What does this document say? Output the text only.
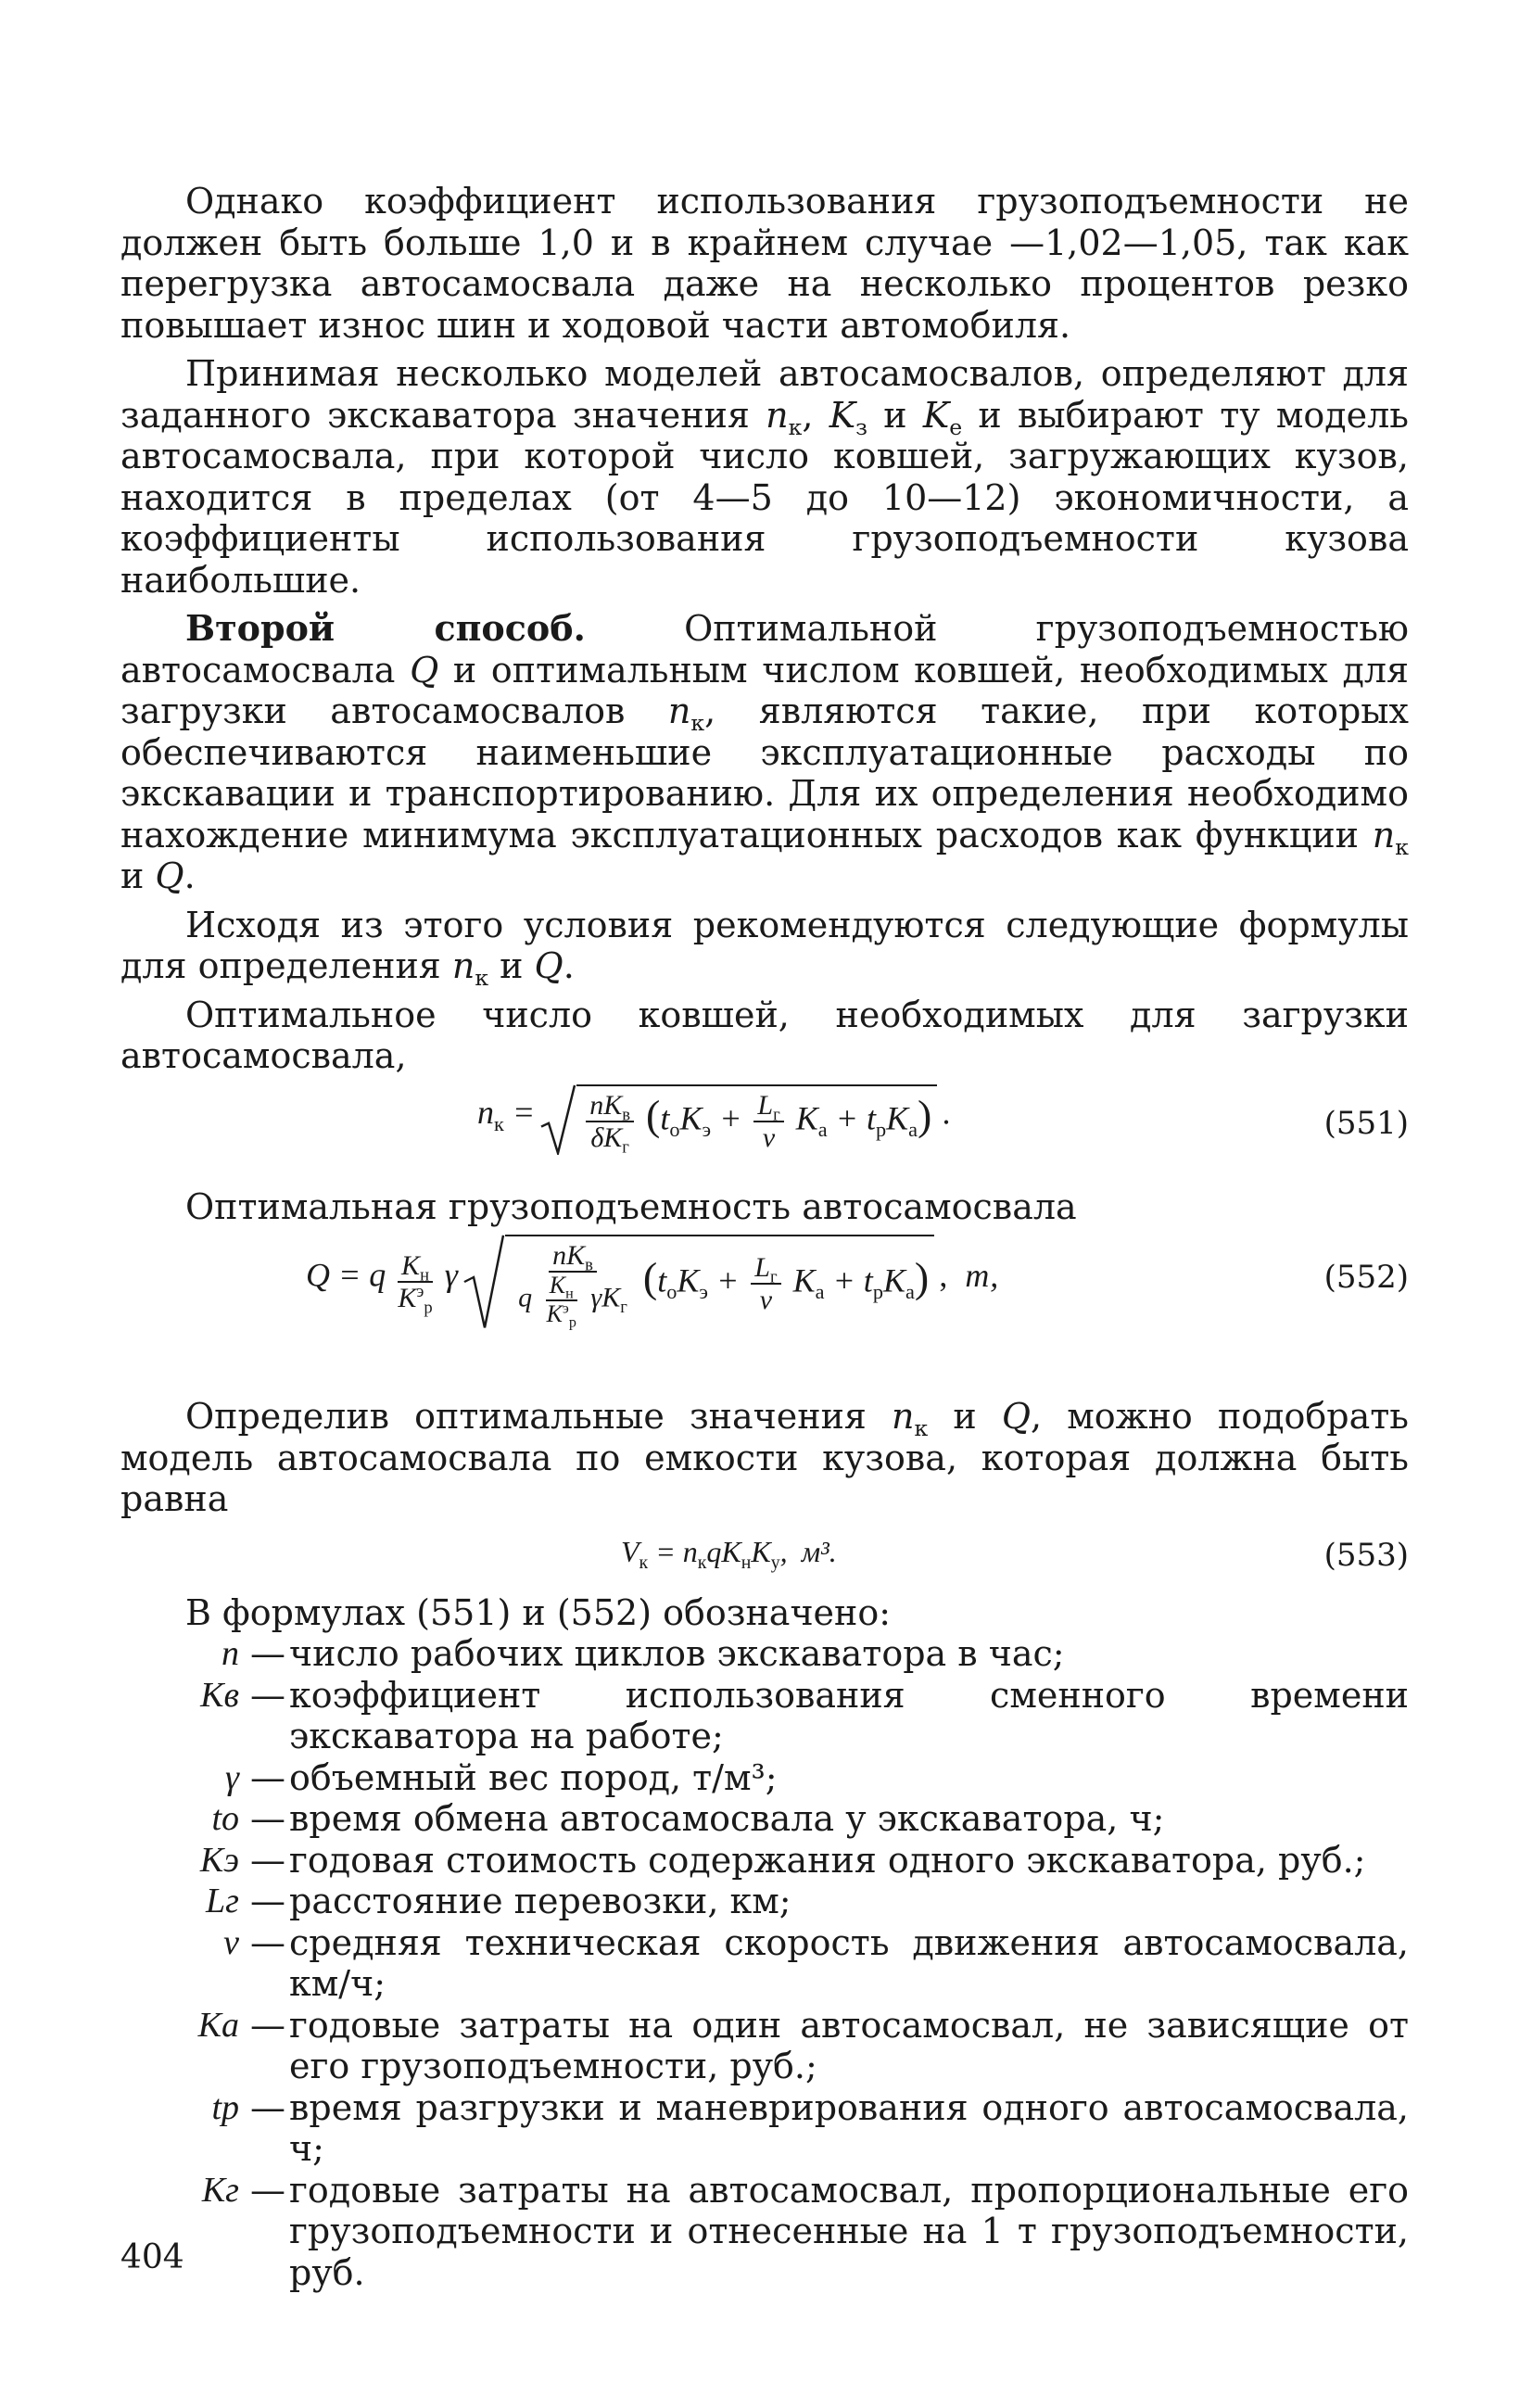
Однако коэффициент использования грузоподъемности не должен быть больше 1,0 и в крайнем случае —1,02—1,05, так как перегрузка автосамосвала даже на несколько процентов резко повышает износ шин и ходовой части автомобиля.

Принимая несколько моделей автосамосвалов, определяют для заданного экскаватора значения $n_к$, $K_з$ и $K_е$ и выбирают ту модель автосамосвала, при которой число ковшей, загружающих кузов, находится в пределах (от 4—5 до 10—12) экономичности, а коэффициенты использования грузоподъемности кузова наибольшие.

Второй способ. Оптимальной грузоподъемностью автосамосвала Q и оптимальным числом ковшей, необходимых для загрузки автосамосвалов $n_к$, являются такие, при которых обеспечиваются наименьшие эксплуатационные расходы по экскавации и транспортированию. Для их определения необходимо нахождение минимума эксплуатационных расходов как функции $n_к$ и Q.

Исходя из этого условия рекомендуются следующие формулы для определения $n_к$ и Q.

Оптимальное число ковшей, необходимых для загрузки автосамосвала,

$n_к = \frac{nK_в}{\delta K_г} (t_оK_э + \frac{L_г}{v} K_а + t_рK_а)$ .	(551)

Оптимальная грузоподъемность автосамосвала

Q = q $\frac{K_н}{K^э_р}$ γ $\frac{nK_в}{q \frac{K_н}{K^э_р} \gamma K_г} (t_оK_э + \frac{L_г}{v} K_а + t_рK_а)$ , т,	(552)

Определив оптимальные значения $n_к$ и Q, можно подобрать модель автосамосвала по емкости кузова, которая должна быть равна

$V_к = n_кqK_нK_у$, м³.	(553)

В формулах (551) и (552) обозначено:

n — число рабочих циклов экскаватора в час;
Kв — коэффициент использования сменного времени экскаватора на работе;
γ — объемный вес пород, т/м³;
tо — время обмена автосамосвала у экскаватора, ч;
Kэ — годовая стоимость содержания одного экскаватора, руб.;
Lг — расстояние перевозки, км;
v — средняя техническая скорость движения автосамосвала, км/ч;
Kа — годовые затраты на один автосамосвал, не зависящие от его грузоподъемности, руб.;
tр — время разгрузки и маневрирования одного автосамосвала, ч;
Kг — годовые затраты на автосамосвал, пропорциональные его грузоподъемности и отнесенные на 1 т грузоподъемности, руб.
404
